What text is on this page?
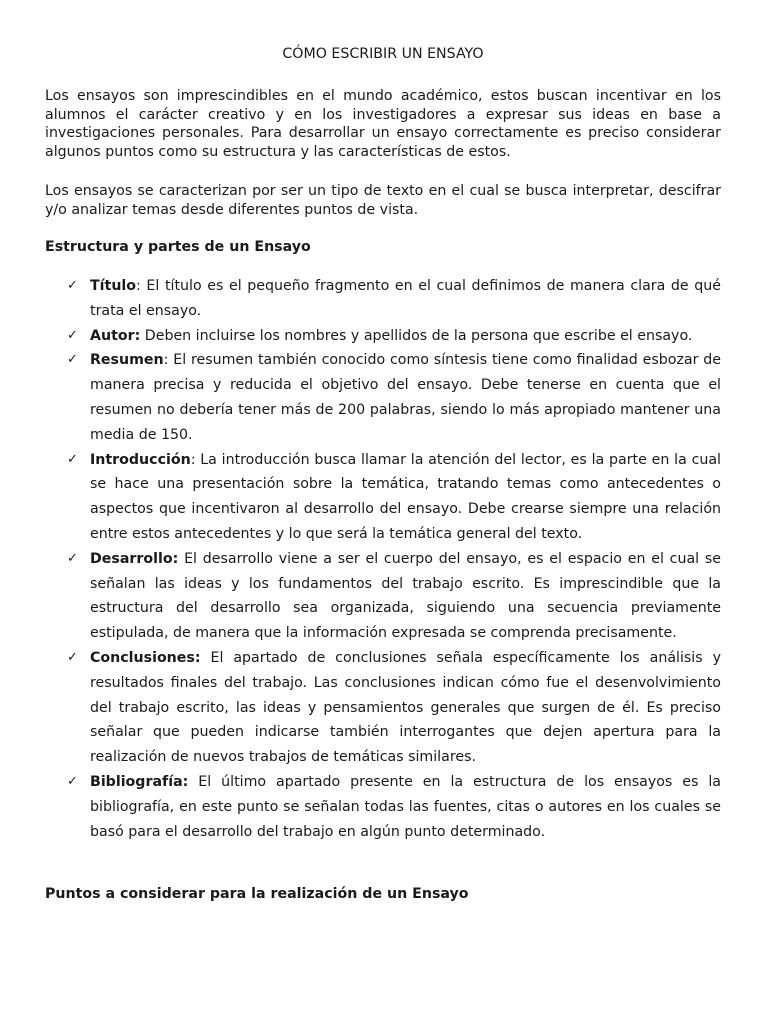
CÓMO ESCRIBIR UN ENSAYO

Los ensayos son imprescindibles en el mundo académico, estos buscan incentivar en los alumnos el carácter creativo y en los investigadores a expresar sus ideas en base a investigaciones personales. Para desarrollar un ensayo correctamente es preciso considerar algunos puntos como su estructura y las características de estos.

Los ensayos se caracterizan por ser un tipo de texto en el cual se busca interpretar, descifrar y/o analizar temas desde diferentes puntos de vista.

Estructura y partes de un Ensayo

✓ Título: El título es el pequeño fragmento en el cual definimos de manera clara de qué trata el ensayo.
✓ Autor: Deben incluirse los nombres y apellidos de la persona que escribe el ensayo.
✓ Resumen: El resumen también conocido como síntesis tiene como finalidad esbozar de manera precisa y reducida el objetivo del ensayo. Debe tenerse en cuenta que el resumen no debería tener más de 200 palabras, siendo lo más apropiado mantener una media de 150.
✓ Introducción: La introducción busca llamar la atención del lector, es la parte en la cual se hace una presentación sobre la temática, tratando temas como antecedentes o aspectos que incentivaron al desarrollo del ensayo. Debe crearse siempre una relación entre estos antecedentes y lo que será la temática general del texto.
✓ Desarrollo: El desarrollo viene a ser el cuerpo del ensayo, es el espacio en el cual se señalan las ideas y los fundamentos del trabajo escrito. Es imprescindible que la estructura del desarrollo sea organizada, siguiendo una secuencia previamente estipulada, de manera que la información expresada se comprenda precisamente.
✓ Conclusiones: El apartado de conclusiones señala específicamente los análisis y resultados finales del trabajo. Las conclusiones indican cómo fue el desenvolvimiento del trabajo escrito, las ideas y pensamientos generales que surgen de él. Es preciso señalar que pueden indicarse también interrogantes que dejen apertura para la realización de nuevos trabajos de temáticas similares.
✓ Bibliografía: El último apartado presente en la estructura de los ensayos es la bibliografía, en este punto se señalan todas las fuentes, citas o autores en los cuales se basó para el desarrollo del trabajo en algún punto determinado.

Puntos a considerar para la realización de un Ensayo
